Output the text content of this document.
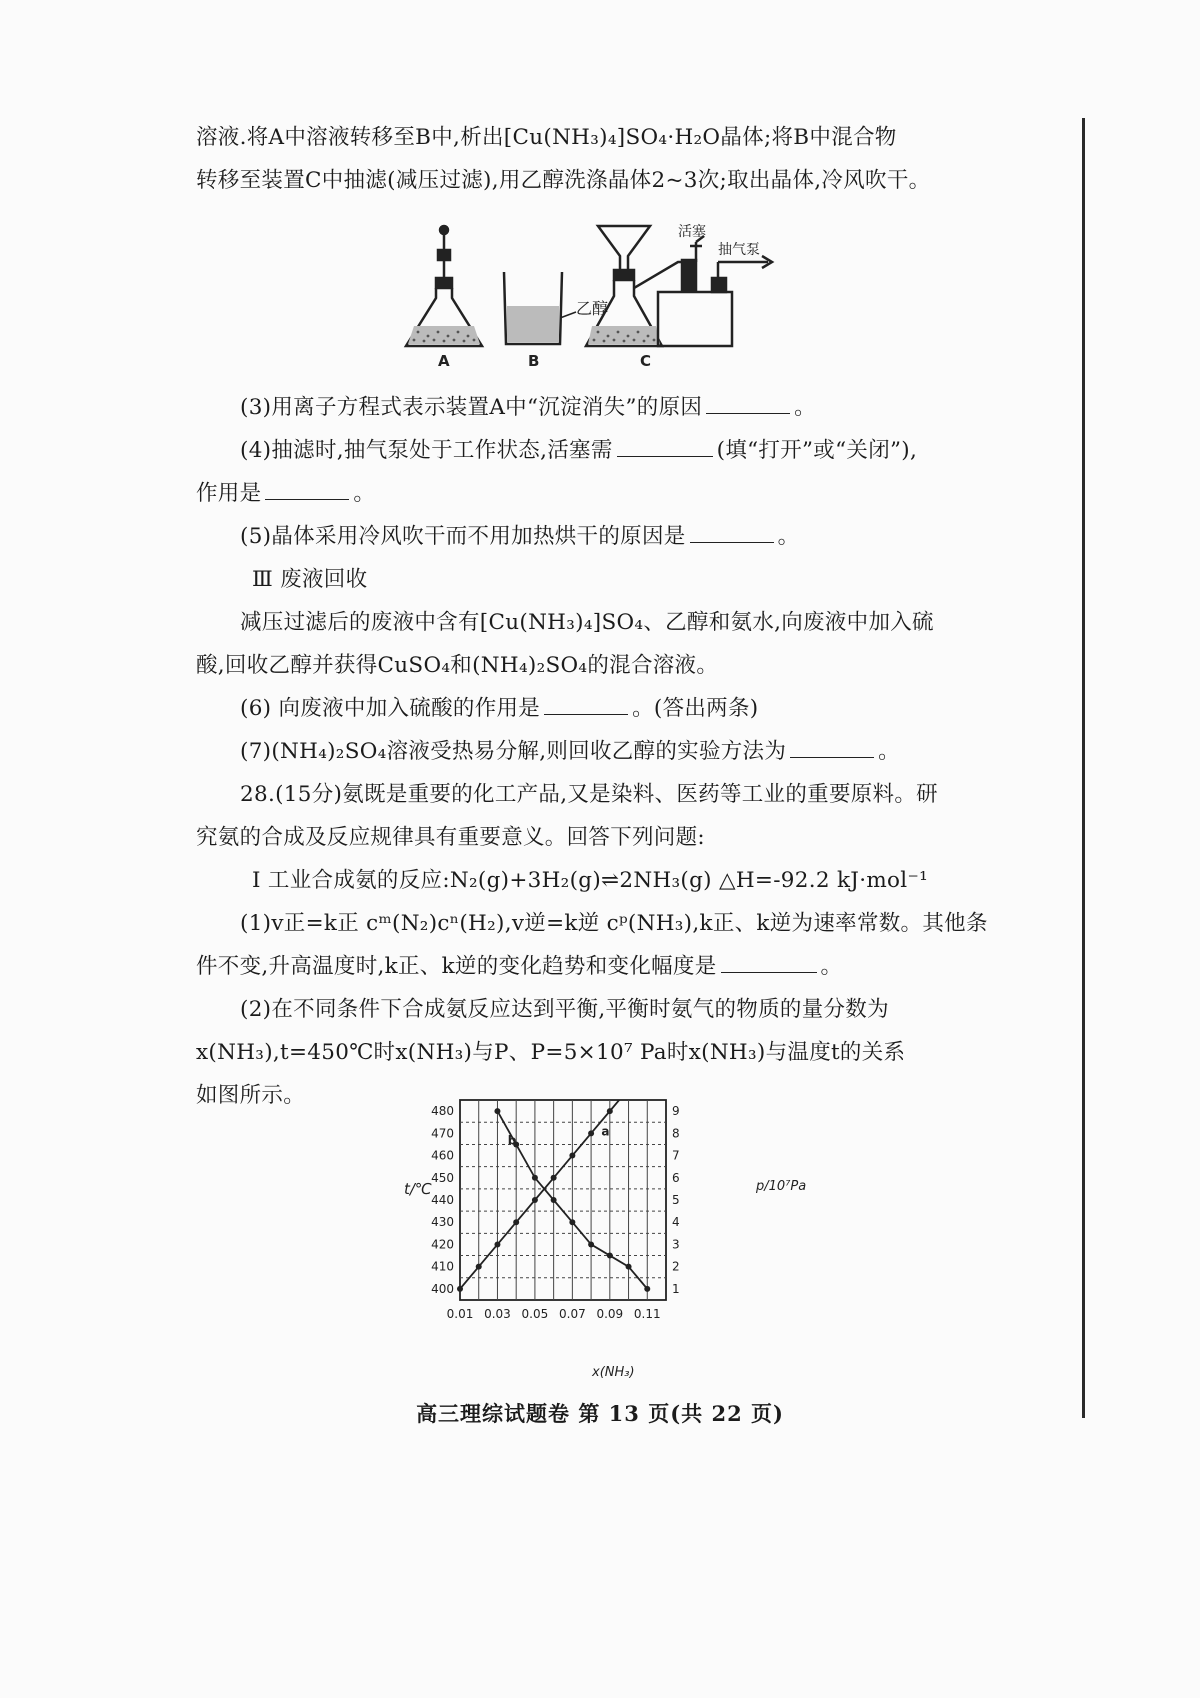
溶液.将A中溶液转移至B中,析出[Cu(NH₃)₄]SO₄·H₂O晶体;将B中混合物

转移至装置C中抽滤(减压过滤),用乙醇洗涤晶体2~3次;取出晶体,冷风吹干。

A
乙醇
B
活塞
抽气泵
C

(3)用离子方程式表示装置A中“沉淀消失”的原因	。

(4)抽滤时,抽气泵处于工作状态,活塞需	(填“打开”或“关闭”),

作用是	。

(5)晶体采用冷风吹干而不用加热烘干的原因是	。

Ⅲ 废液回收

减压过滤后的废液中含有[Cu(NH₃)₄]SO₄、乙醇和氨水,向废液中加入硫

酸,回收乙醇并获得CuSO₄和(NH₄)₂SO₄的混合溶液。

(6) 向废液中加入硫酸的作用是	。(答出两条)

(7)(NH₄)₂SO₄溶液受热易分解,则回收乙醇的实验方法为	。

28.(15分)氨既是重要的化工产品,又是染料、医药等工业的重要原料。研

究氨的合成及反应规律具有重要意义。回答下列问题:

Ⅰ 工业合成氨的反应:N₂(g)+3H₂(g)⇌2NH₃(g) △H=-92.2 kJ·mol⁻¹

(1)v正=k正 cᵐ(N₂)cⁿ(H₂),v逆=k逆 cᵖ(NH₃),k正、k逆为速率常数。其他条

件不变,升高温度时,k正、k逆的变化趋势和变化幅度是	。

(2)在不同条件下合成氨反应达到平衡,平衡时氨气的物质的量分数为

x(NH₃),t=450℃时x(NH₃)与P、P=5×10⁷ Pa时x(NH₃)与温度t的关系

如图所示。

0.01 0.03 0.05 0.07 0.09 0.11
400
410
420
430
440
450
460
470
480
1
2
3
4
5
6
7
8
9
a
b
x(NH₃)
t/℃	p/10⁷Pa
高三理综试题卷 第 13 页(共 22 页)
